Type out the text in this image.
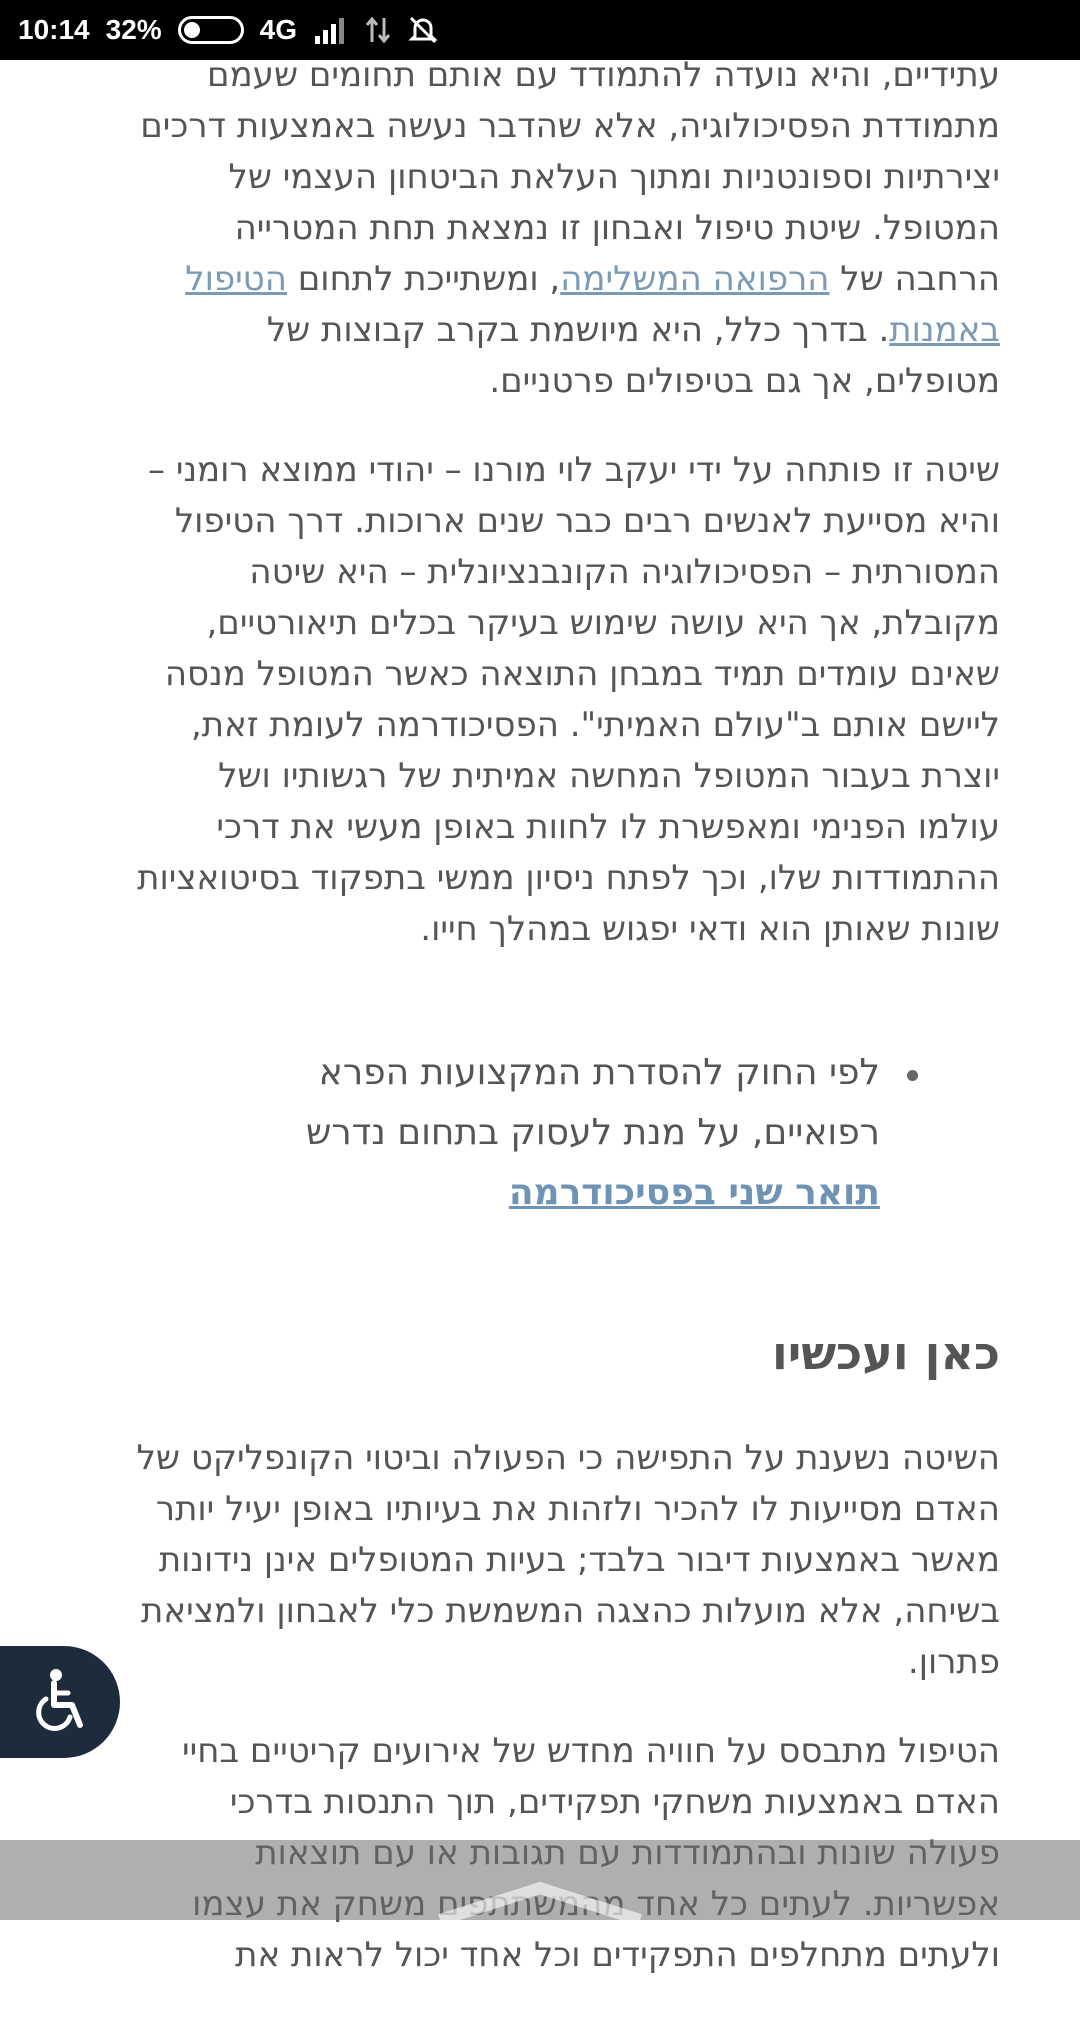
10:14 32%	4G

עתידיים, והיא נועדה להתמודד עם אותם תחומים שעמם מתמודדת הפסיכולוגיה, אלא שהדבר נעשה באמצעות דרכים יצירתיות וספונטניות ומתוך העלאת הביטחון העצמי של המטופל. שיטת טיפול ואבחון זו נמצאת תחת המטרייה הרחבה של הרפואה המשלימה, ומשתייכת לתחום הטיפול באמנות. בדרך כלל, היא מיושמת בקרב קבוצות של מטופלים, אך גם בטיפולים פרטניים.

שיטה זו פותחה על ידי יעקב לוי מורנו – יהודי ממוצא רומני – והיא מסייעת לאנשים רבים כבר שנים ארוכות. דרך הטיפול המסורתית – הפסיכולוגיה הקונבנציונלית – היא שיטה מקובלת, אך היא עושה שימוש בעיקר בכלים תיאורטיים, שאינם עומדים תמיד במבחן התוצאה כאשר המטופל מנסה ליישם אותם ב"עולם האמיתי". הפסיכודרמה לעומת זאת, יוצרת בעבור המטופל המחשה אמיתית של רגשותיו ושל עולמו הפנימי ומאפשרת לו לחוות באופן מעשי את דרכי ההתמודדות שלו, וכך לפתח ניסיון ממשי בתפקוד בסיטואציות שונות שאותן הוא ודאי יפגוש במהלך חייו.

לפי החוק להסדרת המקצועות הפרא רפואיים, על מנת לעסוק בתחום נדרש תואר שני בפסיכודרמה
כאן ועכשיו

השיטה נשענת על התפישה כי הפעולה וביטוי הקונפליקט של האדם מסייעות לו להכיר ולזהות את בעיותיו באופן יעיל יותר מאשר באמצעות דיבור בלבד; בעיות המטופלים אינן נידונות בשיחה, אלא מועלות כהצגה המשמשת כלי לאבחון ולמציאת פתרון.

הטיפול מתבסס על חוויה מחדש של אירועים קריטיים בחיי האדם באמצעות משחקי תפקידים, תוך התנסות בדרכי ולעתים מתחלפים התפקידים וכל אחד יכול לראות את
